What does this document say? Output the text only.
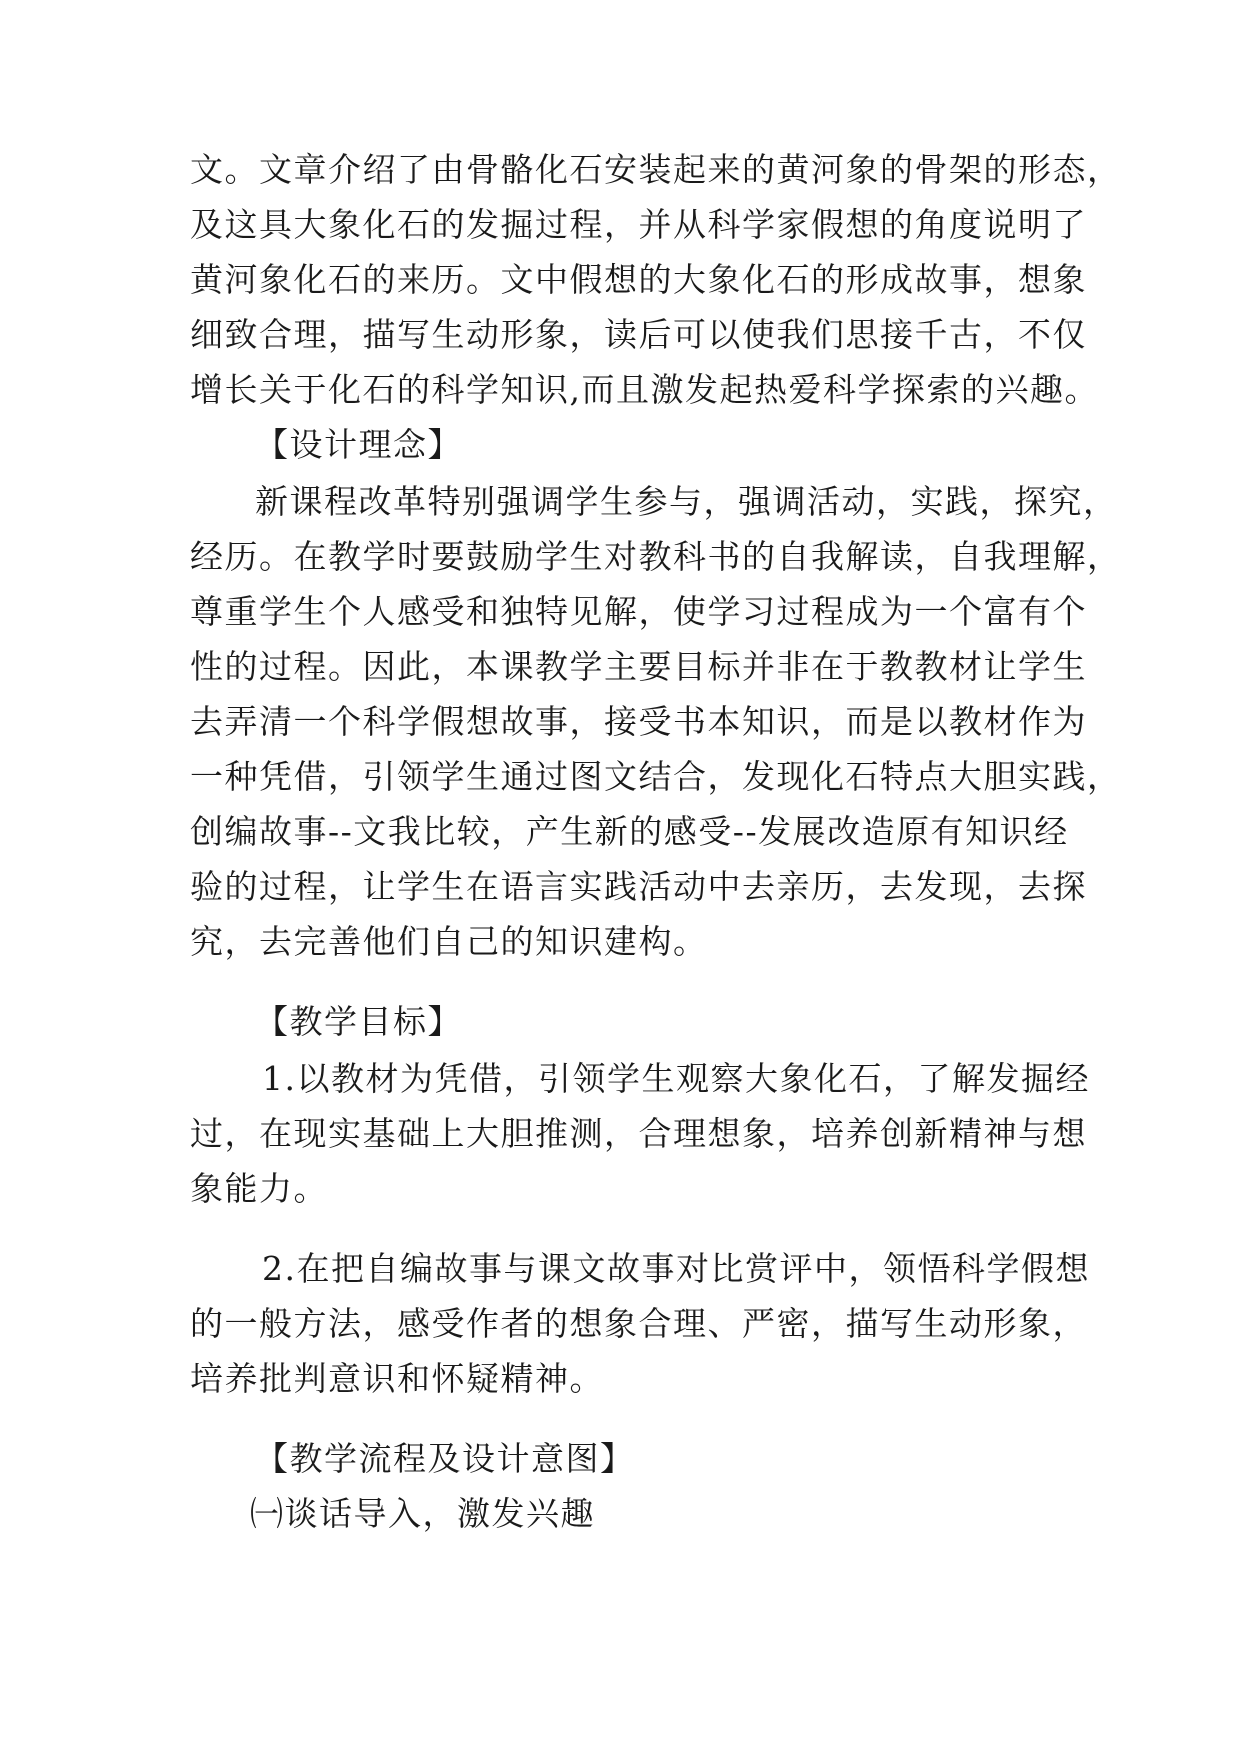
文。文章介绍了由骨骼化石安装起来的黄河象的骨架的形态，
及这具大象化石的发掘过程，并从科学家假想的角度说明了
黄河象化石的来历。文中假想的大象化石的形成故事，想象
细致合理，描写生动形象，读后可以使我们思接千古，不仅
增长关于化石的科学知识,而且激发起热爱科学探索的兴趣。
【设计理念】
新课程改革特别强调学生参与，强调活动，实践，探究，
经历。在教学时要鼓励学生对教科书的自我解读，自我理解，
尊重学生个人感受和独特见解，使学习过程成为一个富有个
性的过程。因此，本课教学主要目标并非在于教教材让学生
去弄清一个科学假想故事，接受书本知识，而是以教材作为
一种凭借，引领学生通过图文结合，发现化石特点大胆实践，
创编故事--文我比较，产生新的感受--发展改造原有知识经
验的过程，让学生在语言实践活动中去亲历，去发现，去探
究，去完善他们自己的知识建构。
【教学目标】
1.以教材为凭借，引领学生观察大象化石，了解发掘经
过，在现实基础上大胆推测，合理想象，培养创新精神与想
象能力。
2.在把自编故事与课文故事对比赏评中，领悟科学假想
的一般方法，感受作者的想象合理、严密，描写生动形象，
培养批判意识和怀疑精神。
【教学流程及设计意图】
㈠谈话导入，激发兴趣
